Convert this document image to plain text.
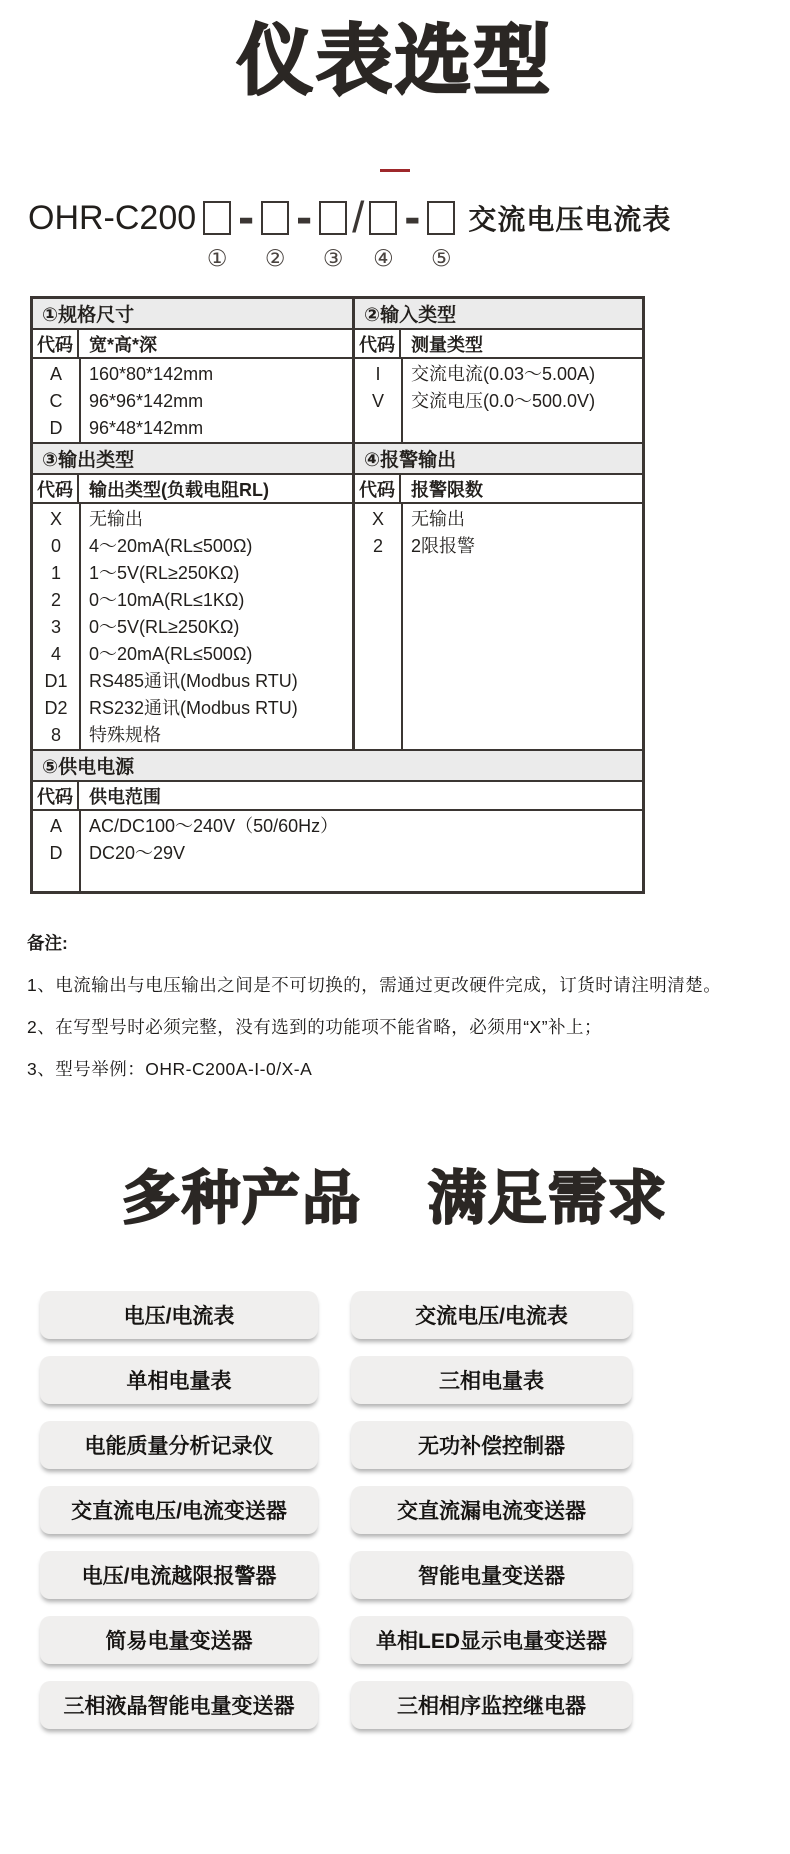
仪表选型
OHR-C200
①
-
②
-
③
/
④
-
⑤
交流电压电流表
①规格尺寸
代码 宽*高*深
A	160*80*142mm
C	96*96*142mm
D	96*48*142mm
②输入类型
代码 测量类型
I	交流电流(0.03～5.00A)
V	交流电压(0.0～500.0V)
③输出类型
代码 输出类型(负载电阻RL)
X	无输出
0	4～20mA(RL≤500Ω)
1	1～5V(RL≥250KΩ)
2	0～10mA(RL≤1KΩ)
3	0～5V(RL≥250KΩ)
4	0～20mA(RL≤500Ω)
D1	RS485通讯(Modbus RTU)
D2	RS232通讯(Modbus RTU)
8	特殊规格
④报警输出
代码 报警限数
X	无输出
2	2限报警
⑤供电电源
代码 供电范围
A	AC/DC100～240V（50/60Hz）
D	DC20～29V
备注:
1、电流输出与电压输出之间是不可切换的，需通过更改硬件完成，订货时请注明清楚。
2、在写型号时必须完整，没有选到的功能项不能省略，必须用“X”补上；
3、型号举例：OHR-C200A-I-0/X-A
多种产品 满足需求
电压/电流表	交流电压/电流表
单相电量表	三相电量表
电能质量分析记录仪	无功补偿控制器
交直流电压/电流变送器	交直流漏电流变送器
电压/电流越限报警器	智能电量变送器
简易电量变送器	单相LED显示电量变送器
三相液晶智能电量变送器	三相相序监控继电器
